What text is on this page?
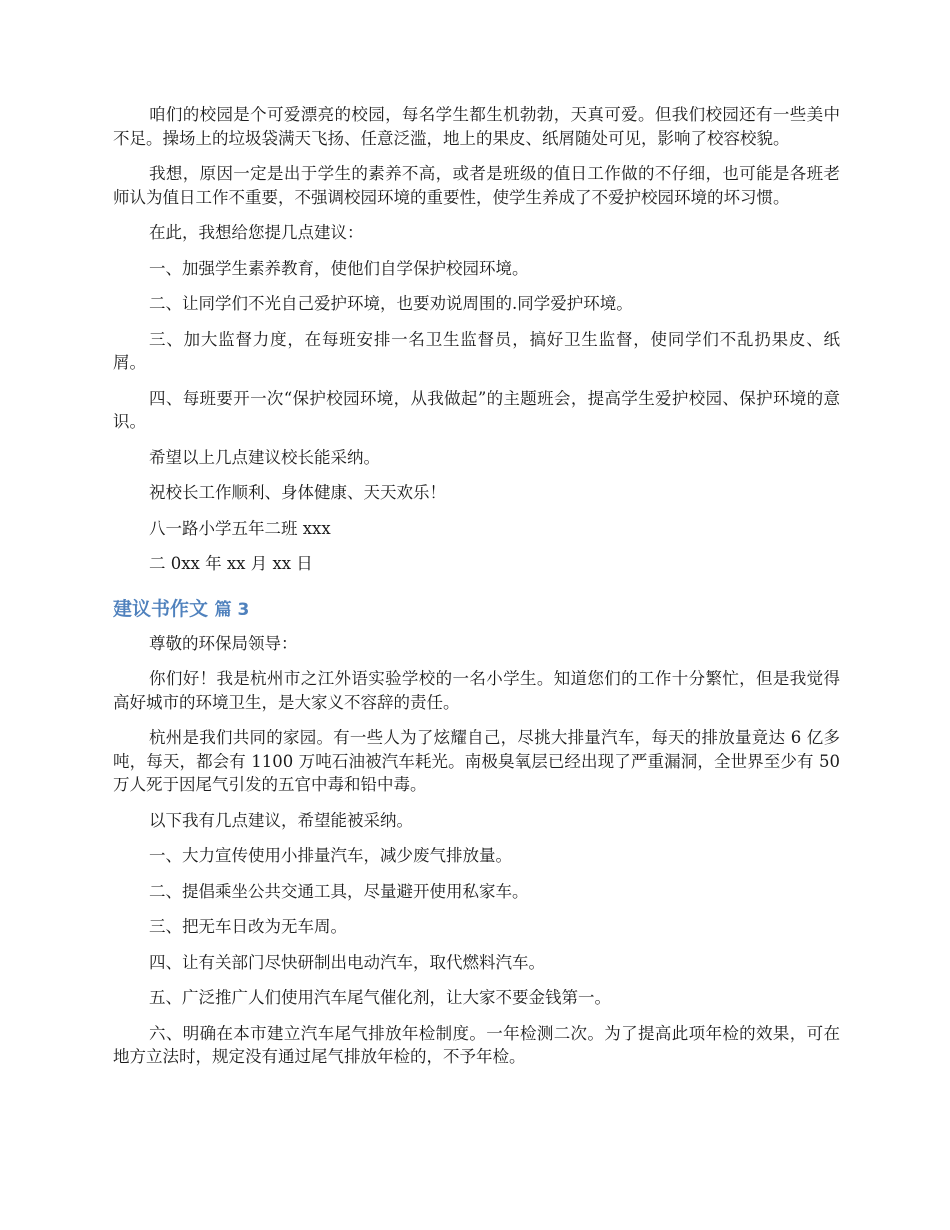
咱们的校园是个可爱漂亮的校园，每名学生都生机勃勃，天真可爱。但我们校园还有一些美中不足。操场上的垃圾袋满天飞扬、任意泛滥，地上的果皮、纸屑随处可见，影响了校容校貌。

我想，原因一定是出于学生的素养不高，或者是班级的值日工作做的不仔细，也可能是各班老师认为值日工作不重要，不强调校园环境的重要性，使学生养成了不爱护校园环境的坏习惯。

在此，我想给您提几点建议：

一、加强学生素养教育，使他们自学保护校园环境。

二、让同学们不光自己爱护环境，也要劝说周围的.同学爱护环境。

三、加大监督力度，在每班安排一名卫生监督员，搞好卫生监督，使同学们不乱扔果皮、纸屑。

四、每班要开一次“保护校园环境，从我做起”的主题班会，提高学生爱护校园、保护环境的意识。

希望以上几点建议校长能采纳。

祝校长工作顺利、身体健康、天天欢乐！

八一路小学五年二班 xxx

二 0xx 年 xx 月 xx 日

建议书作文 篇 3

尊敬的环保局领导：

你们好！我是杭州市之江外语实验学校的一名小学生。知道您们的工作十分繁忙，但是我觉得高好城市的环境卫生，是大家义不容辞的责任。

杭州是我们共同的家园。有一些人为了炫耀自己，尽挑大排量汽车，每天的排放量竟达 6 亿多吨，每天，都会有 1100 万吨石油被汽车耗光。南极臭氧层已经出现了严重漏洞，全世界至少有 50 万人死于因尾气引发的五官中毒和铅中毒。

以下我有几点建议，希望能被采纳。

一、大力宣传使用小排量汽车，减少废气排放量。

二、提倡乘坐公共交通工具，尽量避开使用私家车。

三、把无车日改为无车周。

四、让有关部门尽快研制出电动汽车，取代燃料汽车。

五、广泛推广人们使用汽车尾气催化剂，让大家不要金钱第一。

六、明确在本市建立汽车尾气排放年检制度。一年检测二次。为了提高此项年检的效果，可在地方立法时，规定没有通过尾气排放年检的，不予年检。
